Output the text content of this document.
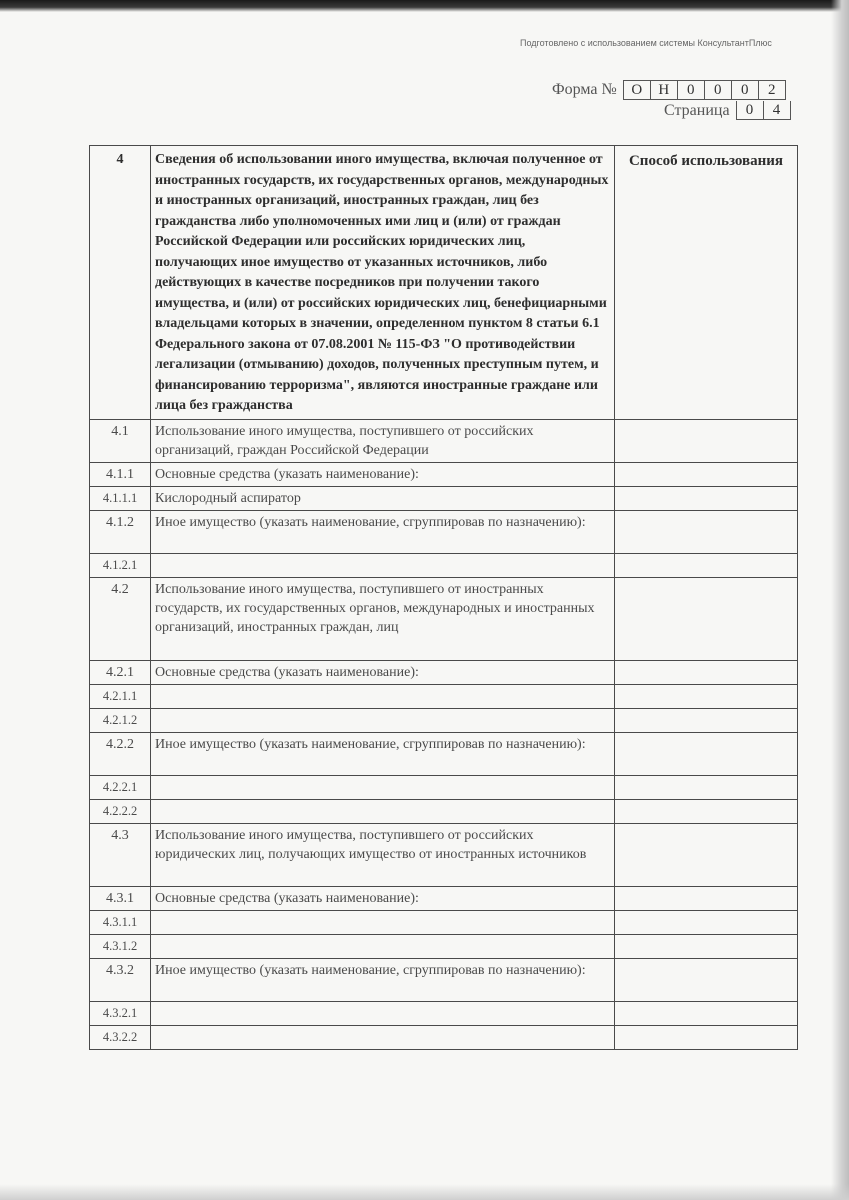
Подготовлено с использованием системы КонсультантПлюс
Форма № О	Н	0	0	0	2
Страница	0	4
4	Сведения об использовании иного имущества, включая полученное от иностранных государств, их государственных органов, международных и иностранных организаций, иностранных граждан, лиц без гражданства либо уполномоченных ими лиц и (или) от граждан Российской Федерации или российских юридических лиц, получающих иное имущество от указанных источников, либо действующих в качестве посредников при получении такого имущества, и (или) от российских юридических лиц, бенефициарными владельцами которых в значении, определенном пунктом 8 статьи 6.1 Федерального закона от 07.08.2001 № 115-ФЗ "О противодействии легализации (отмыванию) доходов, полученных преступным путем, и финансированию терроризма", являются иностранные граждане или лица без гражданства	Способ использования
4.1	Использование иного имущества, поступившего от российских организаций, граждан Российской Федерации	
4.1.1	Основные средства (указать наименование):	
4.1.1.1	Кислородный аспиратор	
4.1.2	Иное имущество (указать наименование, сгруппировав по назначению):	
4.1.2.1		
4.2	Использование иного имущества, поступившего от иностранных государств, их государственных органов, международных и иностранных организаций, иностранных граждан, лиц	
4.2.1	Основные средства (указать наименование):	
4.2.1.1		
4.2.1.2		
4.2.2	Иное имущество (указать наименование, сгруппировав по назначению):	
4.2.2.1		
4.2.2.2		
4.3	Использование иного имущества, поступившего от российских юридических лиц, получающих имущество от иностранных источников	
4.3.1	Основные средства (указать наименование):	
4.3.1.1		
4.3.1.2		
4.3.2	Иное имущество (указать наименование, сгруппировав по назначению):	
4.3.2.1		
4.3.2.2		
